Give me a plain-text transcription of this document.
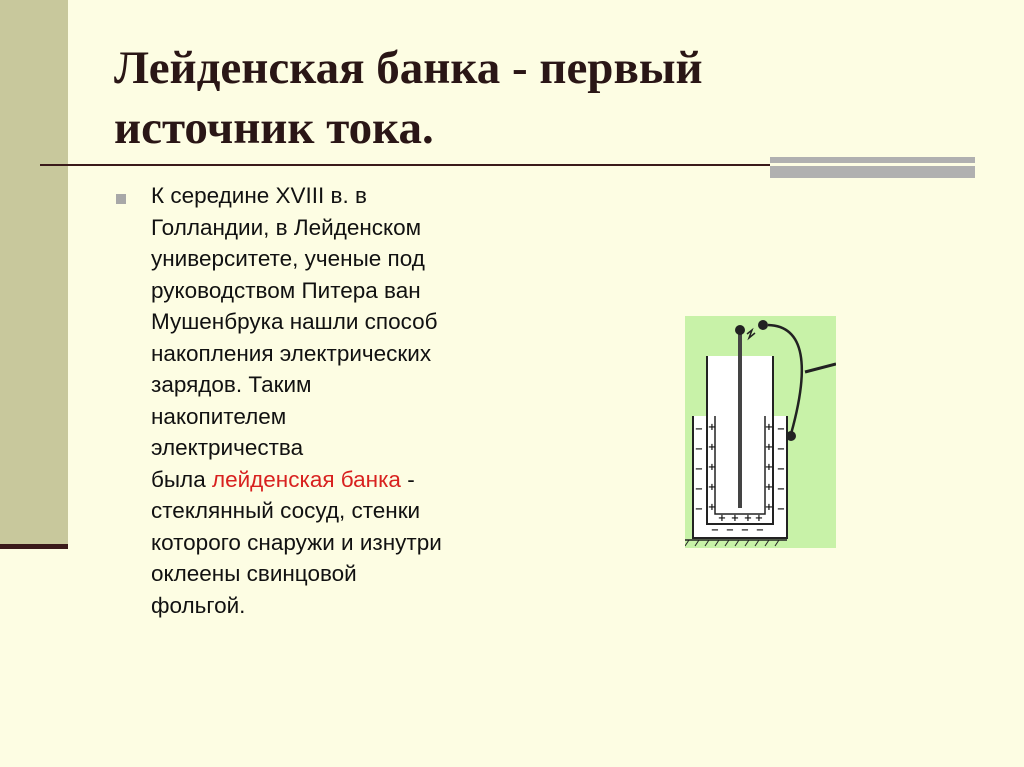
Лейденская банка - первый источник тока.

К середине XVIII в. в
Голландии, в Лейденском
университете, ученые под
руководством Питера ван
Мушенбрука нашли способ
накопления электрических
зарядов. Таким
накопителем
электричества
была лейденская банка -
стеклянный сосуд, стенки
которого снаружи и изнутри
оклеены свинцовой
фольгой.

−
−
−
−
−
−
−
−
−
−
− − − −
+
+
+
+
+
+
+
+
+
+
+ + + +
